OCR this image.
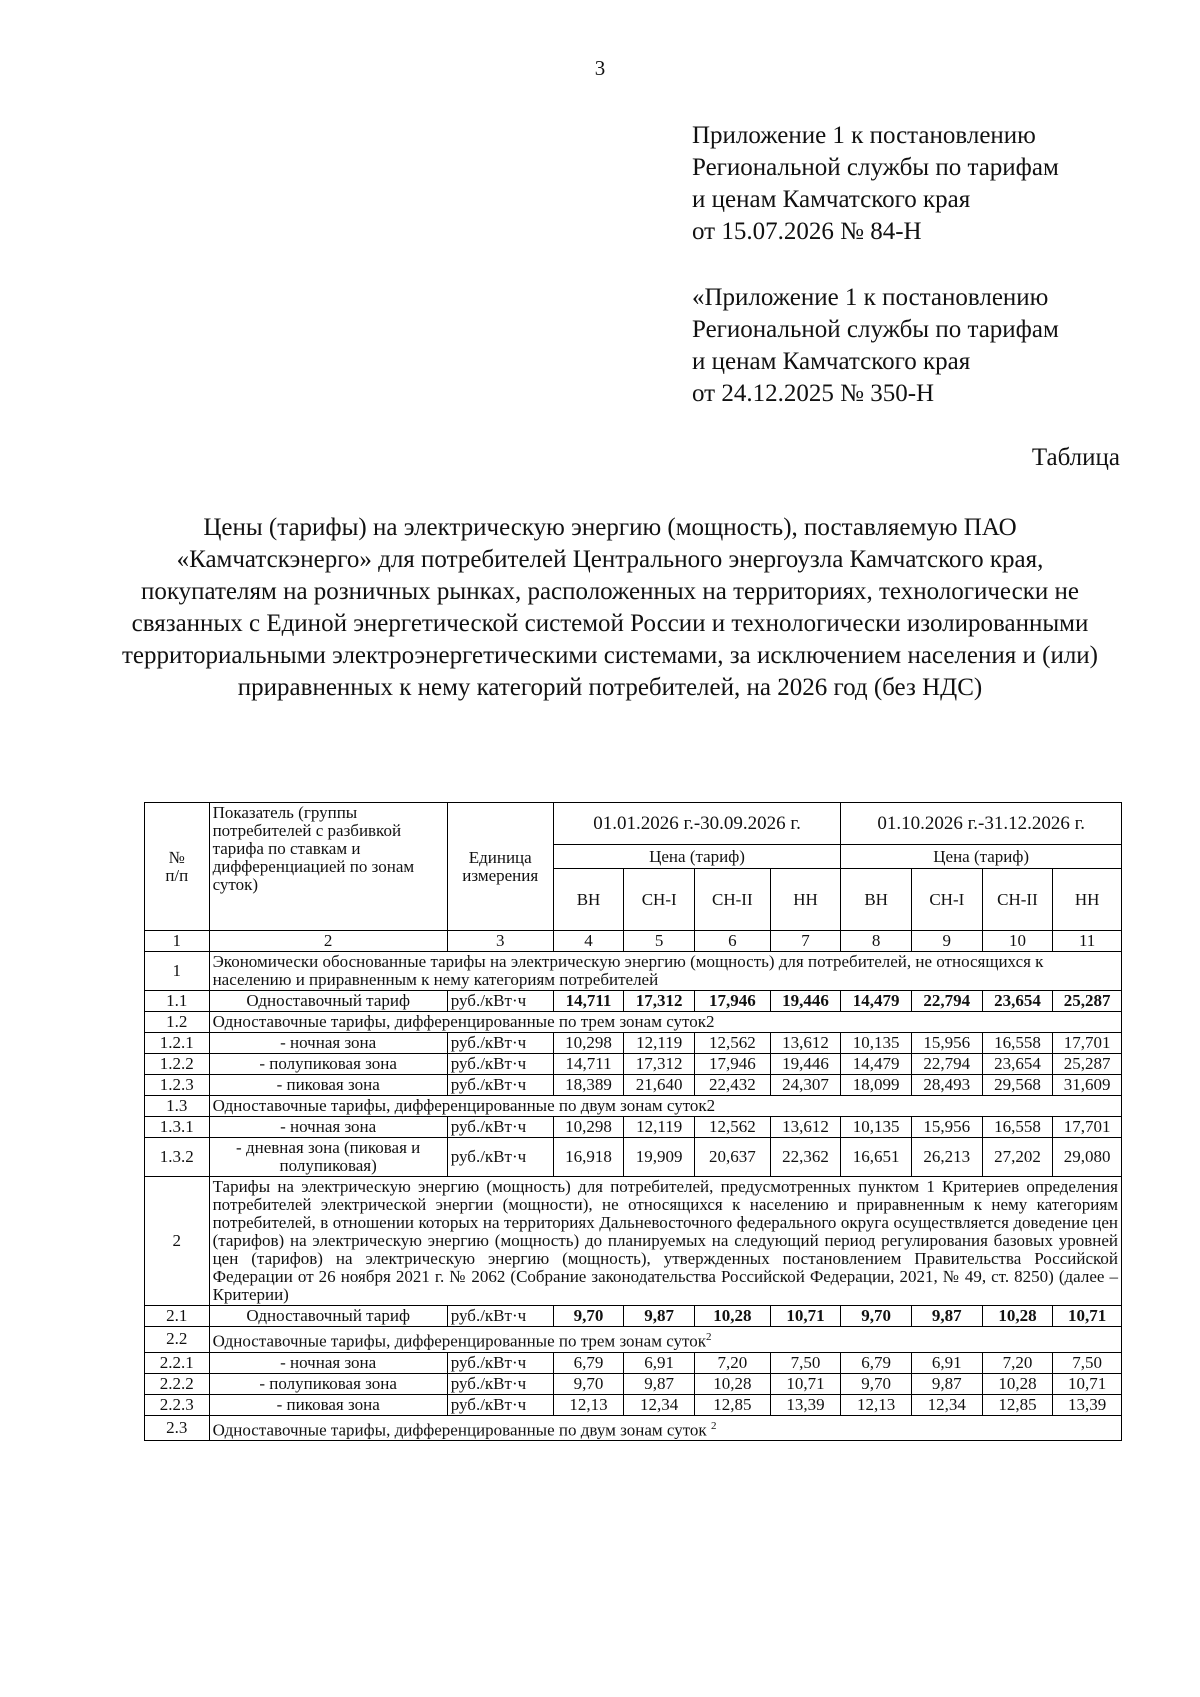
3
Приложение 1 к постановлению
Региональной службы по тарифам
и ценам Камчатского края
от 15.07.2026 № 84-Н
«Приложение 1 к постановлению
Региональной службы по тарифам
и ценам Камчатского края
от 24.12.2025 № 350-Н
Таблица
Цены (тарифы) на электрическую энергию (мощность), поставляемую ПАО «Камчатскэнерго» для потребителей Центрального энергоузла Камчатского края, покупателям на розничных рынках, расположенных на территориях, технологически не связанных с Единой энергетической системой России и технологически изолированными территориальными электроэнергетическими системами, за исключением населения и (или) приравненных к нему категорий потребителей, на 2026 год (без НДС)
№
п/п	Показатель (группы потребителей с разбивкой тарифа по ставкам и дифференциацией по зонам суток)	Единица измерения	01.01.2026 г.-30.09.2026 г.				01.10.2026 г.-31.12.2026 г.			
			Цена (тариф)				Цена (тариф)			
			ВН	СН-I	СН-II	НН	ВН	СН-I	СН-II	НН
1	2	3	4	5	6	7	8	9	10	11
1	Экономически обоснованные тарифы на электрическую энергию (мощность) для потребителей, не относящихся к населению и приравненным к нему категориям потребителей									
1.1	Одноставочный тариф	руб./кВт·ч	14,711	17,312	17,946	19,446	14,479	22,794	23,654	25,287
1.2	Одноставочные тарифы, дифференцированные по трем зонам суток2									
1.2.1	- ночная зона	руб./кВт·ч	10,298	12,119	12,562	13,612	10,135	15,956	16,558	17,701
1.2.2	- полупиковая зона	руб./кВт·ч	14,711	17,312	17,946	19,446	14,479	22,794	23,654	25,287
1.2.3	- пиковая зона	руб./кВт·ч	18,389	21,640	22,432	24,307	18,099	28,493	29,568	31,609
1.3	Одноставочные тарифы, дифференцированные по двум зонам суток2									
1.3.1	- ночная зона	руб./кВт·ч	10,298	12,119	12,562	13,612	10,135	15,956	16,558	17,701
1.3.2	- дневная зона (пиковая и полупиковая)	руб./кВт·ч	16,918	19,909	20,637	22,362	16,651	26,213	27,202	29,080
2	Тарифы на электрическую энергию (мощность) для потребителей, предусмотренных пунктом 1 Критериев определения потребителей электрической энергии (мощности), не относящихся к населению и приравненным к нему категориям потребителей, в отношении которых на территориях Дальневосточного федерального округа осуществляется доведение цен (тарифов) на электрическую энергию (мощность) до планируемых на следующий период регулирования базовых уровней цен (тарифов) на электрическую энергию (мощность), утвержденных постановлением Правительства Российской Федерации от 26 ноября 2021 г. № 2062 (Собрание законодательства Российской Федерации, 2021, № 49, ст. 8250) (далее – Критерии)									
2.1	Одноставочный тариф	руб./кВт·ч	9,70	9,87	10,28	10,71	9,70	9,87	10,28	10,71
2.2	Одноставочные тарифы, дифференцированные по трем зонам суток$^2$
2.2.1	- ночная зона	руб./кВт·ч	6,79	6,91	7,20	7,50	6,79	6,91	7,20	7,50
2.2.2	- полупиковая зона	руб./кВт·ч	9,70	9,87	10,28	10,71	9,70	9,87	10,28	10,71
2.2.3	- пиковая зона	руб./кВт·ч	12,13	12,34	12,85	13,39	12,13	12,34	12,85	13,39
2.3	Одноставочные тарифы, дифференцированные по двум зонам суток $^2$
